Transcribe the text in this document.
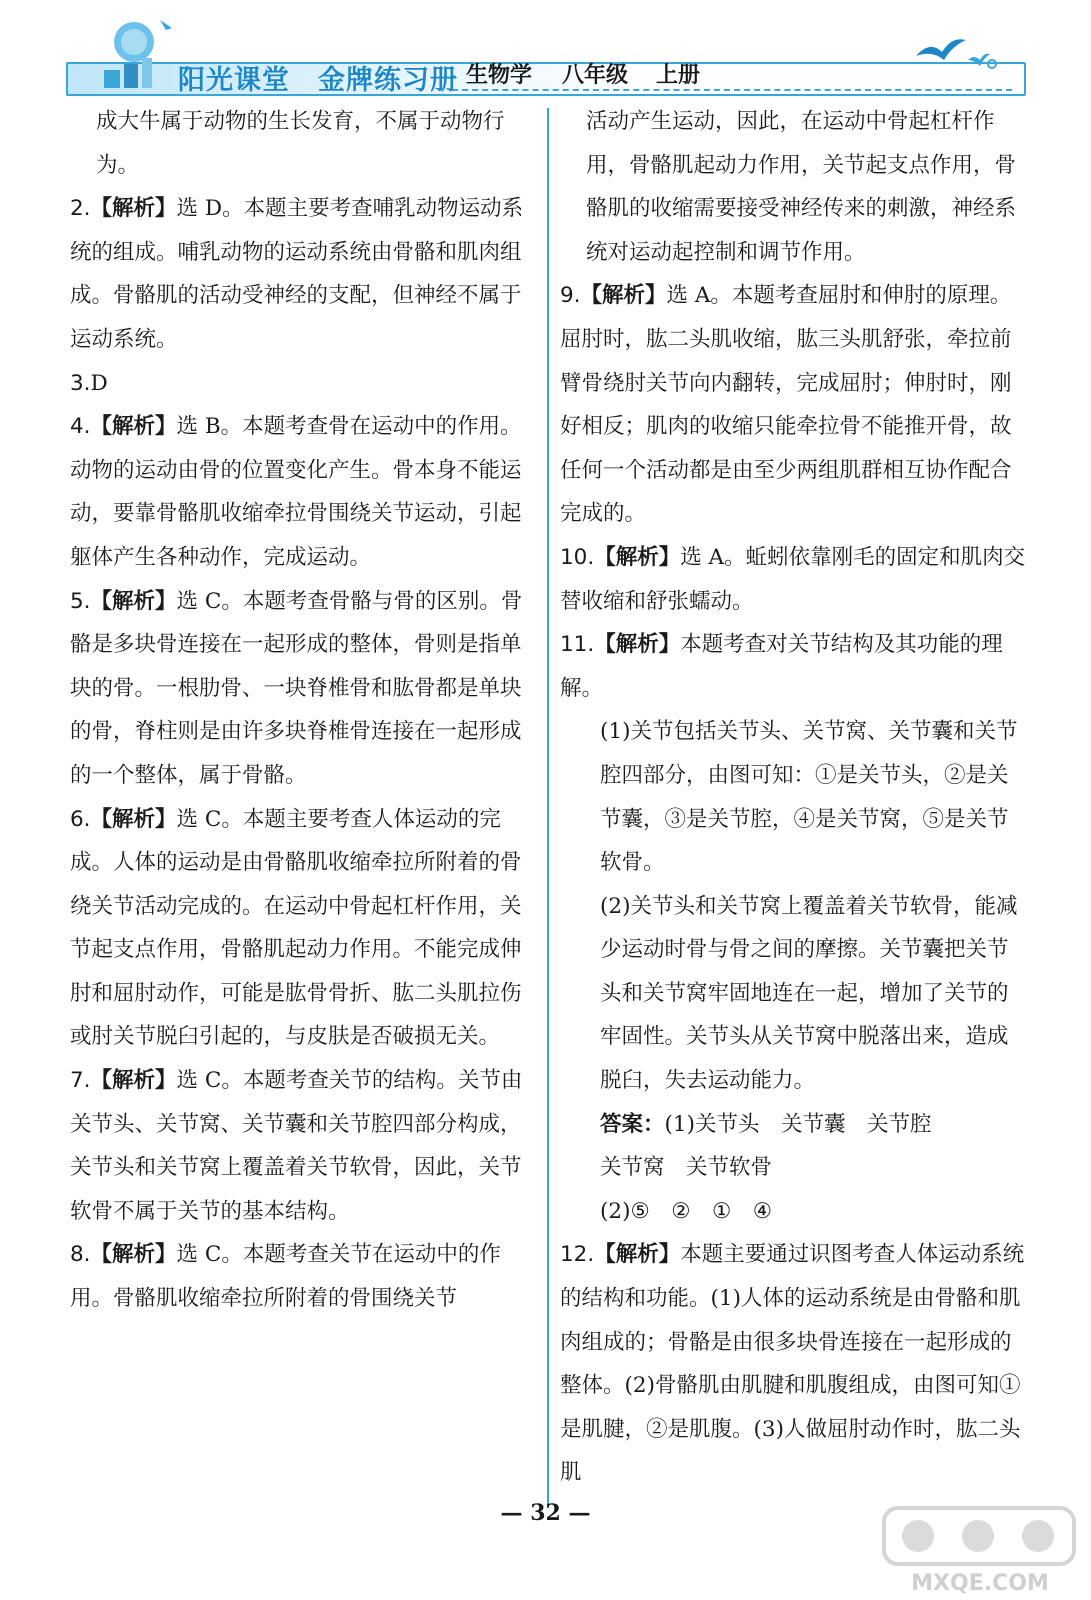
阳光课堂 金牌练习册 生物学 八年级 上册

成大牛属于动物的生长发育，不属于动物行为。

2.【解析】选 D。本题主要考查哺乳动物运动系统的组成。哺乳动物的运动系统由骨骼和肌肉组成。骨骼肌的活动受神经的支配，但神经不属于运动系统。

3.D

4.【解析】选 B。本题考查骨在运动中的作用。动物的运动由骨的位置变化产生。骨本身不能运动，要靠骨骼肌收缩牵拉骨围绕关节运动，引起躯体产生各种动作，完成运动。

5.【解析】选 C。本题考查骨骼与骨的区别。骨骼是多块骨连接在一起形成的整体，骨则是指单块的骨。一根肋骨、一块脊椎骨和肱骨都是单块的骨，脊柱则是由许多块脊椎骨连接在一起形成的一个整体，属于骨骼。

6.【解析】选 C。本题主要考查人体运动的完成。人体的运动是由骨骼肌收缩牵拉所附着的骨绕关节活动完成的。在运动中骨起杠杆作用，关节起支点作用，骨骼肌起动力作用。不能完成伸肘和屈肘动作，可能是肱骨骨折、肱二头肌拉伤或肘关节脱臼引起的，与皮肤是否破损无关。

7.【解析】选 C。本题考查关节的结构。关节由关节头、关节窝、关节囊和关节腔四部分构成，关节头和关节窝上覆盖着关节软骨，因此，关节软骨不属于关节的基本结构。

8.【解析】选 C。本题考查关节在运动中的作用。骨骼肌收缩牵拉所附着的骨围绕关节

活动产生运动，因此，在运动中骨起杠杆作用，骨骼肌起动力作用，关节起支点作用，骨骼肌的收缩需要接受神经传来的刺激，神经系统对运动起控制和调节作用。

9.【解析】选 A。本题考查屈肘和伸肘的原理。屈肘时，肱二头肌收缩，肱三头肌舒张，牵拉前臂骨绕肘关节向内翻转，完成屈肘；伸肘时，刚好相反；肌肉的收缩只能牵拉骨不能推开骨，故任何一个活动都是由至少两组肌群相互协作配合完成的。

10.【解析】选 A。蚯蚓依靠刚毛的固定和肌肉交替收缩和舒张蠕动。

11.【解析】本题考查对关节结构及其功能的理解。

(1)关节包括关节头、关节窝、关节囊和关节腔四部分，由图可知：①是关节头，②是关节囊，③是关节腔，④是关节窝，⑤是关节软骨。

(2)关节头和关节窝上覆盖着关节软骨，能减少运动时骨与骨之间的摩擦。关节囊把关节头和关节窝牢固地连在一起，增加了关节的牢固性。关节头从关节窝中脱落出来，造成脱臼，失去运动能力。

答案：(1)关节头　关节囊　关节腔

关节窝　关节软骨

(2)⑤　②　①　④

12.【解析】本题主要通过识图考查人体运动系统的结构和功能。(1)人体的运动系统是由骨骼和肌肉组成的；骨骼是由很多块骨连接在一起形成的整体。(2)骨骼肌由肌腱和肌腹组成，由图可知①是肌腱，②是肌腹。(3)人做屈肘动作时，肱二头肌

— 32 —
MXQE.COM
